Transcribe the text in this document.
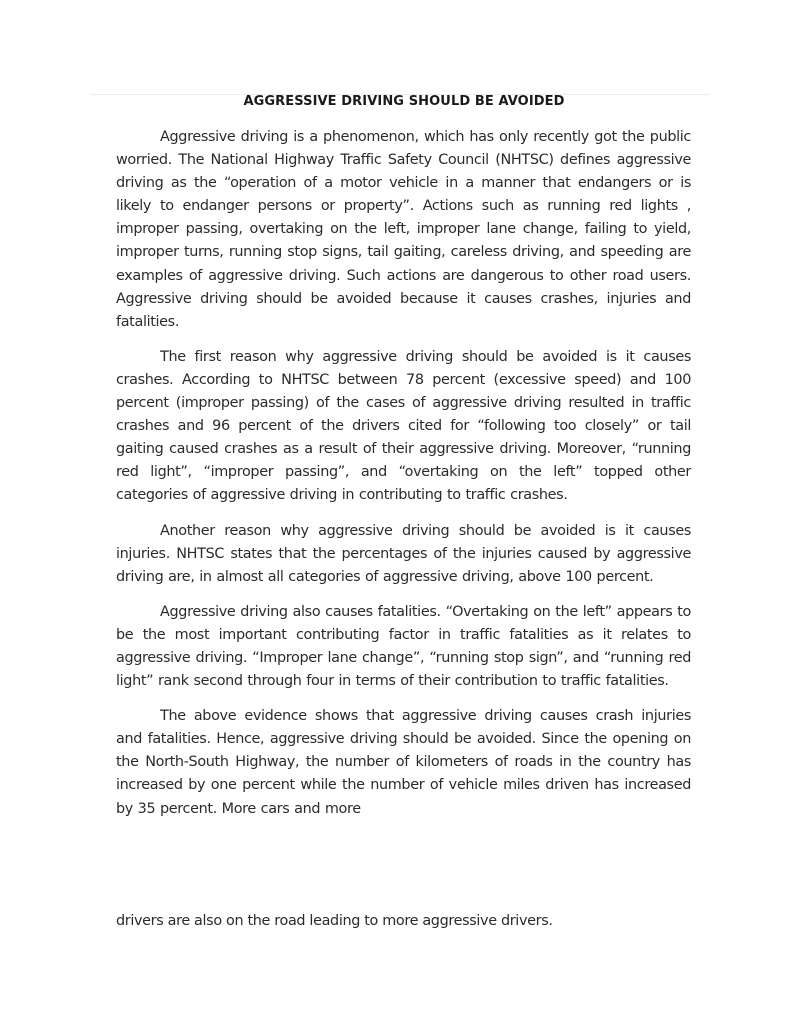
AGGRESSIVE DRIVING SHOULD BE AVOIDED

Aggressive driving is a phenomenon, which has only recently got the public worried. The National Highway Traffic Safety Council (NHTSC) defines aggressive driving as the “operation of a motor vehicle in a manner that endangers or is likely to endanger persons or property”. Actions such as running red lights , improper passing, overtaking on the left, improper lane change, failing to yield, improper turns, running stop signs, tail gaiting, careless driving, and speeding are examples of aggressive driving. Such actions are dangerous to other road users. Aggressive driving should be avoided because it causes crashes, injuries and fatalities.

The first reason why aggressive driving should be avoided is it causes crashes. According to NHTSC between 78 percent (excessive speed) and 100 percent (improper passing) of the cases of aggressive driving resulted in traffic crashes and 96 percent of the drivers cited for “following too closely” or tail gaiting caused crashes as a result of their aggressive driving. Moreover, “running red light”, “improper passing”, and “overtaking on the left” topped other categories of aggressive driving in contributing to traffic crashes.

Another reason why aggressive driving should be avoided is it causes injuries. NHTSC states that the percentages of the injuries caused by aggressive driving are, in almost all categories of aggressive driving, above 100 percent.

Aggressive driving also causes fatalities. “Overtaking on the left” appears to be the most important contributing factor in traffic fatalities as it relates to aggressive driving. “Improper lane change”, “running stop sign”, and “running red light” rank second through four in terms of their contribution to traffic fatalities.

The above evidence shows that aggressive driving causes crash injuries and fatalities. Hence, aggressive driving should be avoided. Since the opening on the North-South Highway, the number of kilometers of roads in the country has increased by one percent while the number of vehicle miles driven has increased by 35 percent. More cars and more

drivers are also on the road leading to more aggressive drivers.
